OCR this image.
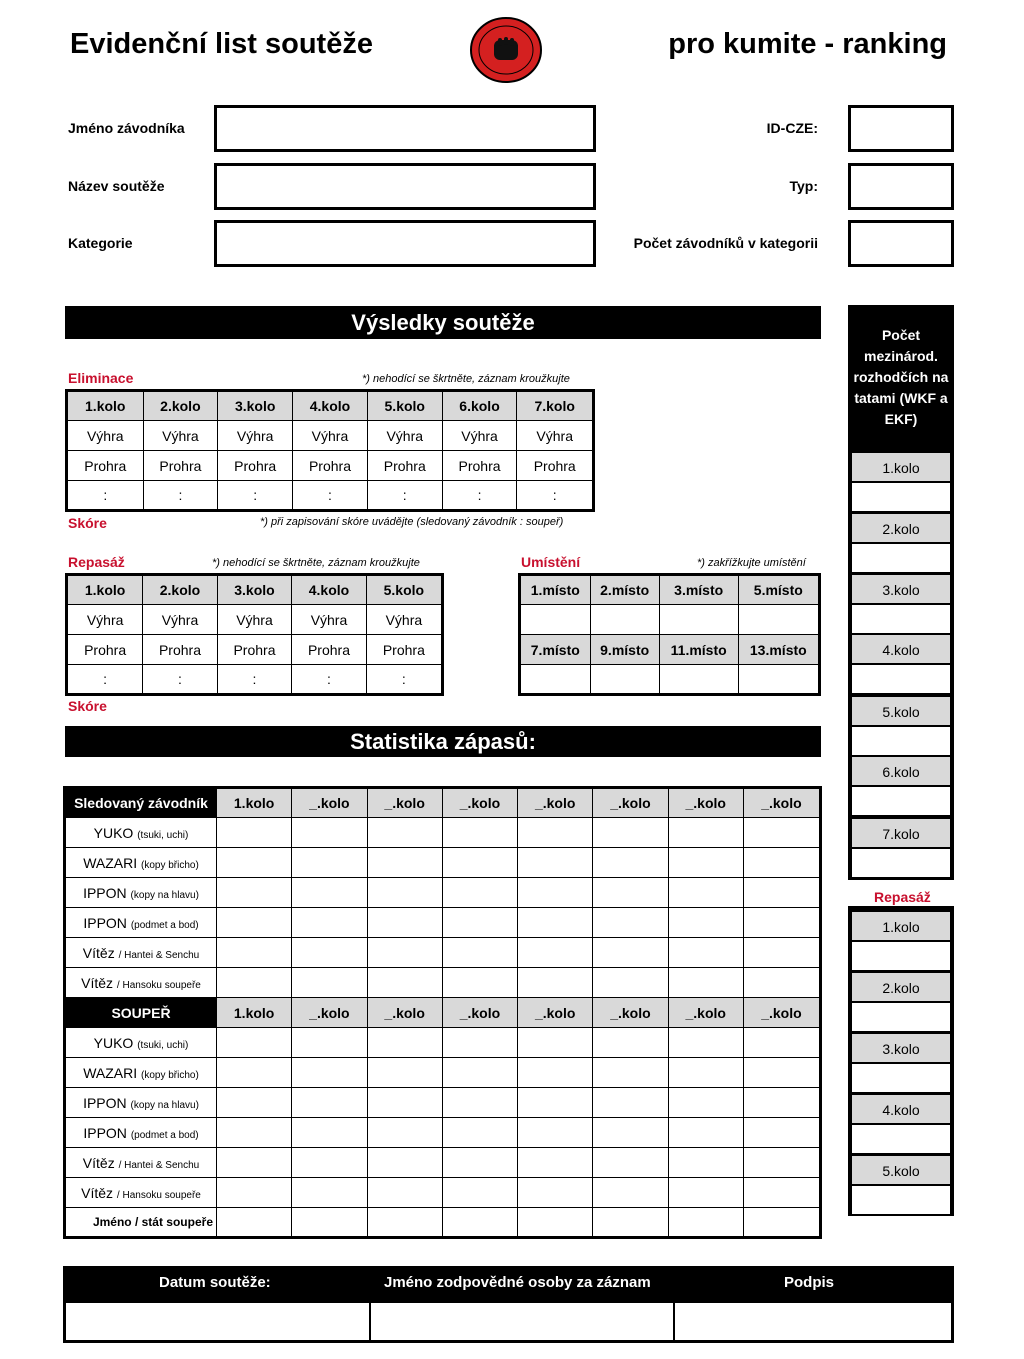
Evidenční list soutěže	pro kumite - ranking
Jméno závodníka
Název soutěže
Kategorie
ID-CZE:
Typ:
Počet závodníků v kategorii
Výsledky soutěže
Eliminace	*) nehodící se škrtněte, záznam kroužkujte
1.kolo	2.kolo	3.kolo	4.kolo	5.kolo	6.kolo	7.kolo
Výhra	Výhra	Výhra	Výhra	Výhra	Výhra	Výhra
Prohra	Prohra	Prohra	Prohra	Prohra	Prohra	Prohra
:	:	:	:	:	:	:
Skóre	*) při zapisování skóre uvádějte (sledovaný závodník : soupeř)
Repasáž	*) nehodící se škrtněte, záznam kroužkujte
1.kolo	2.kolo	3.kolo	4.kolo	5.kolo
Výhra	Výhra	Výhra	Výhra	Výhra
Prohra	Prohra	Prohra	Prohra	Prohra
:	:	:	:	:
Skóre
Umístění	*) zakřížkujte umístění
1.místo	2.místo	3.místo	5.místo

7.místo	9.místo	11.místo	13.místo

Počet mezinárod. rozhodčích na tatami (WKF a EKF)
1.kolo
2.kolo
3.kolo
4.kolo
5.kolo
6.kolo
7.kolo
Repasáž
1.kolo
2.kolo
3.kolo
4.kolo
5.kolo
Statistika zápasů:
Sledovaný závodník	1.kolo	_.kolo	_.kolo	_.kolo	_.kolo	_.kolo	_.kolo	_.kolo
YUKO (tsuki, uchi)								
WAZARI (kopy břicho)								
IPPON (kopy na hlavu)								
IPPON (podmet a bod)								
Vítěz / Hantei & Senchu								
Vítěz / Hansoku soupeře								
SOUPEŘ	1.kolo	_.kolo	_.kolo	_.kolo	_.kolo	_.kolo	_.kolo	_.kolo
YUKO (tsuki, uchi)								
WAZARI (kopy břicho)								
IPPON (kopy na hlavu)								
IPPON (podmet a bod)								
Vítěz / Hantei & Senchu								
Vítěz / Hansoku soupeře								
Jméno / stát soupeře								
Datum soutěže:	Jméno zodpovědné osoby za záznam	Podpis
